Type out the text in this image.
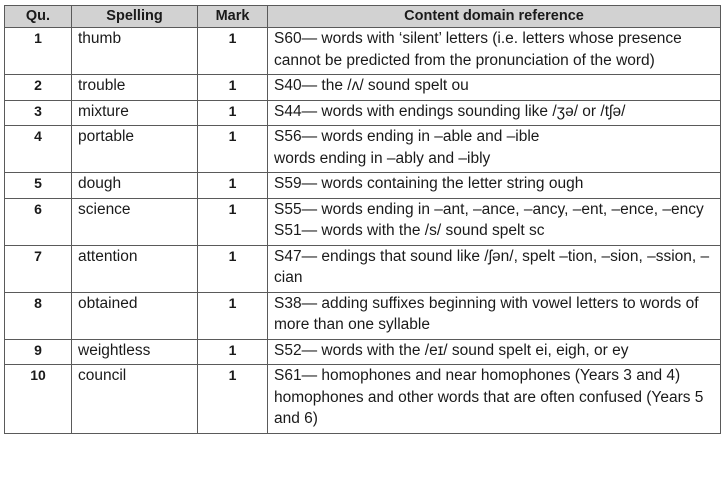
Qu.	Spelling	Mark	Content domain reference
1	thumb	1	S60— words with ‘silent’ letters (i.e. letters whose presence cannot be predicted from the pronunciation of the word)

2	trouble	1	S40— the /ʌ/ sound spelt ou

3	mixture	1	S44— words with endings sounding like /ʒə/ or /tʃə/

4	portable	1	S56— words ending in –able and –ible
words ending in –ably and –ibly

5	dough	1	S59— words containing the letter string ough

6	science	1	S55— words ending in –ant, –ance, –ancy, –ent, –ence, –ency
S51— words with the /s/ sound spelt sc

7	attention	1	S47— endings that sound like /ʃən/, spelt –tion, –sion, –ssion, –cian

8	obtained	1	S38— adding suffixes beginning with vowel letters to words of more than one syllable

9	weightless	1	S52— words with the /eɪ/ sound spelt ei, eigh, or ey

10	council	1	S61— homophones and near homophones (Years 3 and 4) homophones and other words that are often confused (Years 5 and 6)
